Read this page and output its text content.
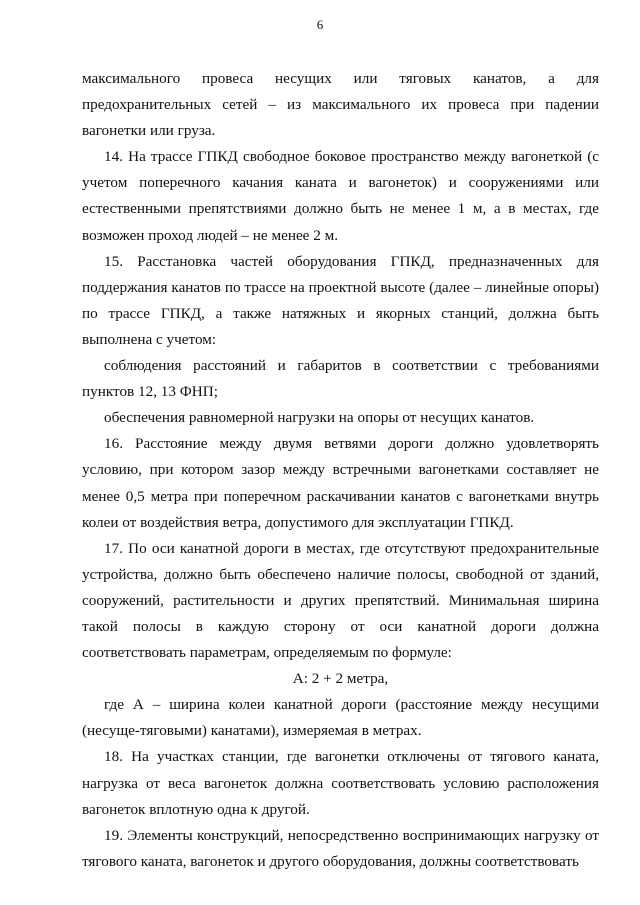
6

максимального провеса несущих или тяговых канатов, а для предохранительных сетей – из максимального их провеса при падении вагонетки или груза.

14. На трассе ГПКД свободное боковое пространство между вагонеткой (с учетом поперечного качания каната и вагонеток) и сооружениями или естественными препятствиями должно быть не менее 1 м, а в местах, где возможен проход людей – не менее 2 м.

15. Расстановка частей оборудования ГПКД, предназначенных для поддержания канатов по трассе на проектной высоте (далее – линейные опоры) по трассе ГПКД, а также натяжных и якорных станций, должна быть выполнена с учетом:

соблюдения расстояний и габаритов в соответствии с требованиями пунктов 12, 13 ФНП;

обеспечения равномерной нагрузки на опоры от несущих канатов.

16. Расстояние между двумя ветвями дороги должно удовлетворять условию, при котором зазор между встречными вагонетками составляет не менее 0,5 метра при поперечном раскачивании канатов с вагонетками внутрь колеи от воздействия ветра, допустимого для эксплуатации ГПКД.

17. По оси канатной дороги в местах, где отсутствуют предохранительные устройства, должно быть обеспечено наличие полосы, свободной от зданий, сооружений, растительности и других препятствий. Минимальная ширина такой полосы в каждую сторону от оси канатной дороги должна соответствовать параметрам, определяемым по формуле:

А: 2 + 2 метра,

где А – ширина колеи канатной дороги (расстояние между несущими (несуще-тяговыми) канатами), измеряемая в метрах.

18. На участках станции, где вагонетки отключены от тягового каната, нагрузка от веса вагонеток должна соответствовать условию расположения вагонеток вплотную одна к другой.

19. Элементы конструкций, непосредственно воспринимающих нагрузку от тягового каната, вагонеток и другого оборудования, должны соответствовать
